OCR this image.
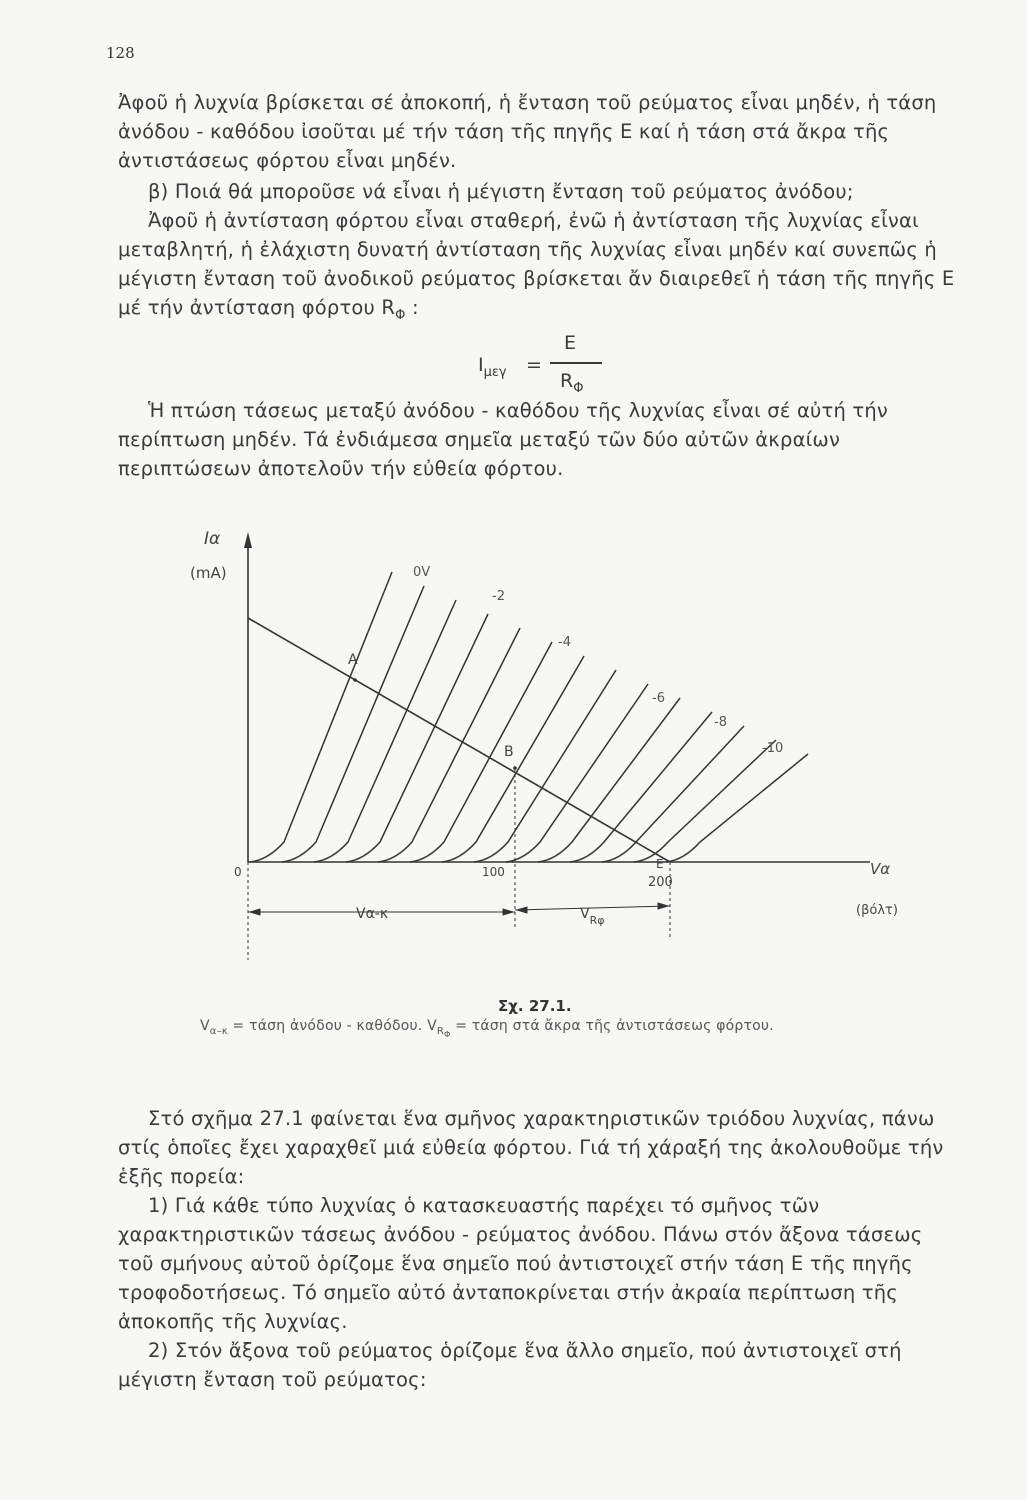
128

Ἀφοῦ ἡ λυχνία βρίσκεται σέ ἀποκοπή, ἡ ἔνταση τοῦ ρεύματος εἶναι μηδέν, ἡ τάση ἀνόδου - καθόδου ἰσοῦται μέ τήν τάση τῆς πηγῆς Ε καί ἡ τάση στά ἄκρα τῆς ἀντιστάσεως φόρτου εἶναι μηδέν.

β) Ποιά θά μποροῦσε νά εἶναι ἡ μέγιστη ἔνταση τοῦ ρεύματος ἀνόδου;

Ἀφοῦ ἡ ἀντίσταση φόρτου εἶναι σταθερή, ἐνῶ ἡ ἀντίσταση τῆς λυχνίας εἶναι μεταβλητή, ἡ ἐλάχιστη δυνατή ἀντίσταση τῆς λυχνίας εἶναι μηδέν καί συνεπῶς ἡ μέγιστη ἔνταση τοῦ ἀνοδικοῦ ρεύματος βρίσκεται ἄν διαιρεθεῖ ἡ τάση τῆς πηγῆς Ε μέ τήν ἀντίσταση φόρτου $R_\Phi$ :

$I_{\mu\varepsilon\gamma}$ =
E
$R_\Phi$

Ἡ πτώση τάσεως μεταξύ ἀνόδου - καθόδου τῆς λυχνίας εἶναι σέ αὐτή τήν περίπτωση μηδέν. Τά ἐνδιάμεσα σημεῖα μεταξύ τῶν δύο αὐτῶν ἀκραίων περιπτώσεων ἀποτελοῦν τήν εὐθεία φόρτου.

Iα
(mA)
0	100
200
E
A
B
Vα
(βόλτ)
Vα-κ	$V_{R\varphi}$
0V
-2
-4
-6
-8
-10
Σχ. 27.1.
$V_{\alpha-\kappa} = \tau ά\sigma\eta$ ἀνόδου - καθόδου. $V_{R_\Phi} = \tau ά\sigma\eta$ στά ἄκρα τῆς ἀντιστάσεως φόρτου.

Στό σχῆμα 27.1 φαίνεται ἕνα σμῆνος χαρακτηριστικῶν τριόδου λυχνίας, πάνω στίς ὁποῖες ἔχει χαραχθεῖ μιά εὐθεία φόρτου. Γιά τή χάραξή της ἀκολουθοῦμε τήν ἑξῆς πορεία:

1) Γιά κάθε τύπο λυχνίας ὁ κατασκευαστής παρέχει τό σμῆνος τῶν χαρακτηριστικῶν τάσεως ἀνόδου - ρεύματος ἀνόδου. Πάνω στόν ἄξονα τάσεως τοῦ σμήνους αὐτοῦ ὁρίζομε ἕνα σημεῖο πού ἀντιστοιχεῖ στήν τάση Ε τῆς πηγῆς τροφοδοτήσεως. Τό σημεῖο αὐτό ἀνταποκρίνεται στήν ἀκραία περίπτωση τῆς ἀποκοπῆς τῆς λυχνίας.

2) Στόν ἄξονα τοῦ ρεύματος ὁρίζομε ἕνα ἄλλο σημεῖο, πού ἀντιστοιχεῖ στή μέγιστη ἔνταση τοῦ ρεύματος:
